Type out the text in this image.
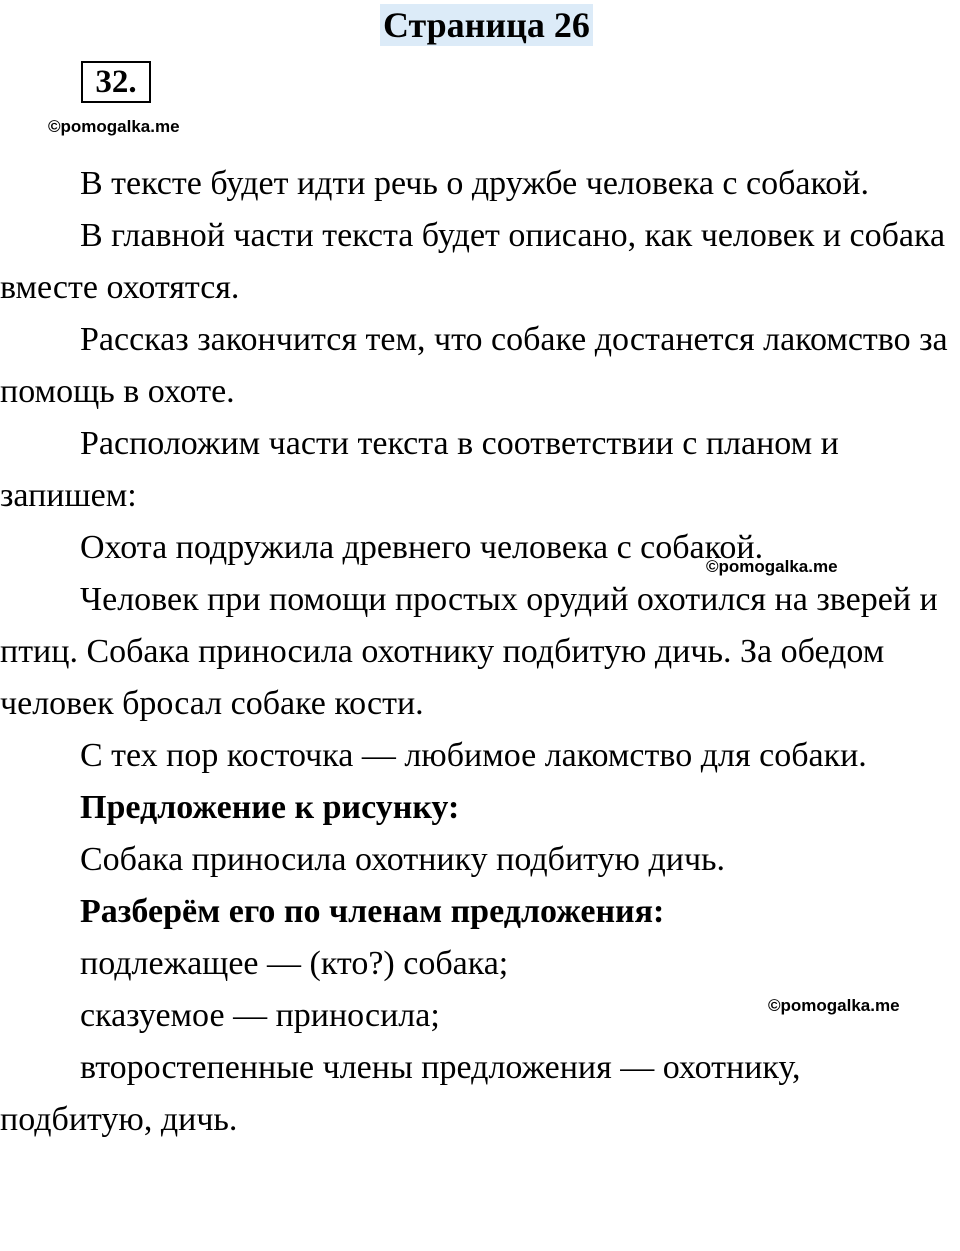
Страница 26
32.
©pomogalka.me
©pomogalka.me
©pomogalka.me

В тексте будет идти речь о дружбе человека с собакой.

В главной части текста будет описано, как человек и собака вместе охотятся.

Рассказ закончится тем, что собаке достанется лакомство за помощь в охоте.

Расположим части текста в соответствии с планом и запишем:

Охота подружила древнего человека с собакой.

Человек при помощи простых орудий охотился на зверей и птиц. Собака приносила охотнику подбитую дичь. За обедом человек бросал собаке кости.

С тех пор косточка — любимое лакомство для собаки.

Предложение к рисунку:

Собака приносила охотнику подбитую дичь.

Разберём его по членам предложения:

подлежащее — (кто?) собака;

сказуемое — приносила;

второстепенные члены предложения — охотнику, подбитую, дичь.
